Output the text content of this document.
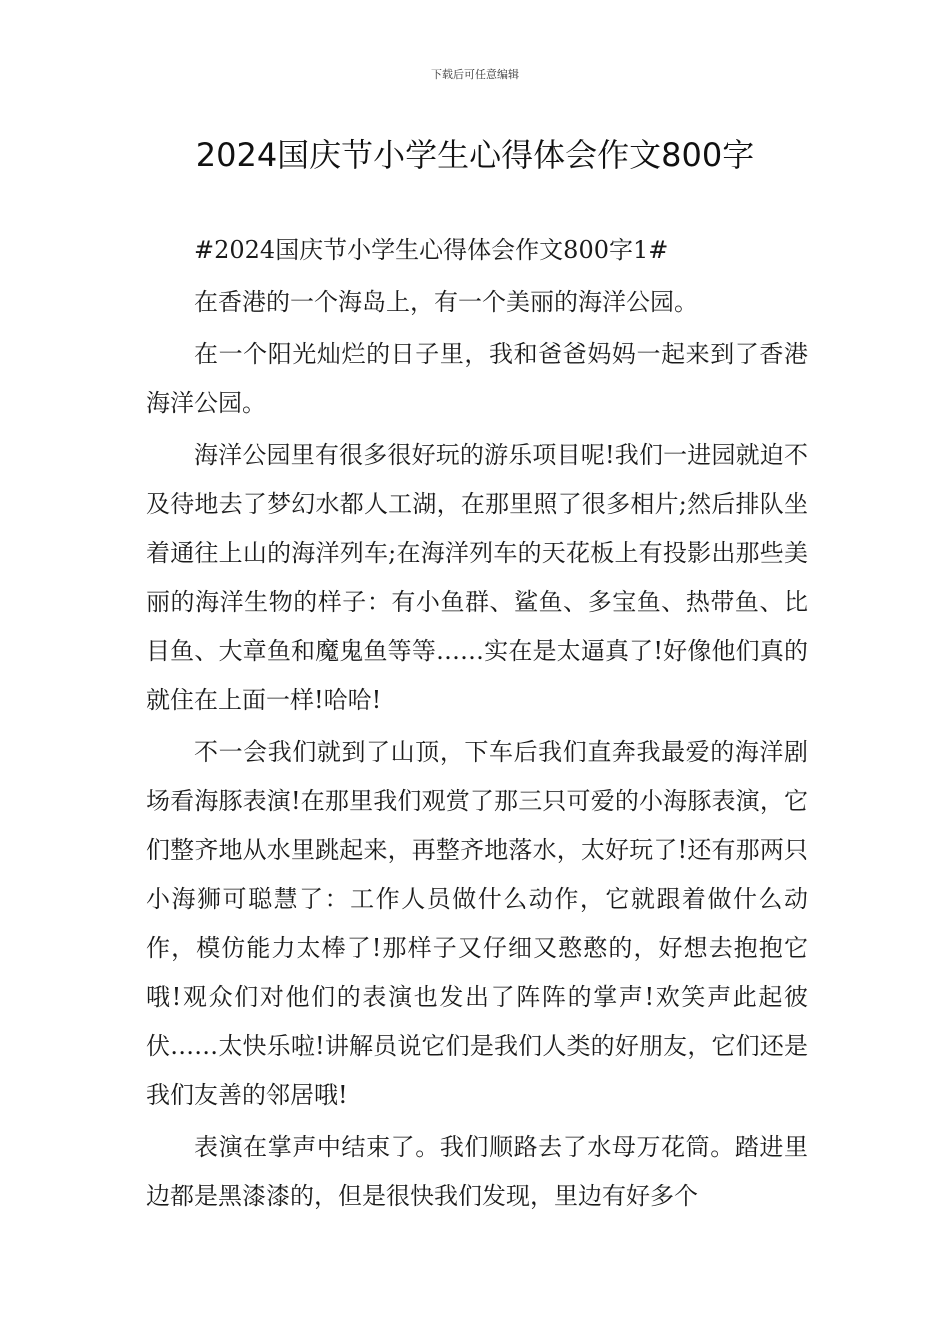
下载后可任意编辑
2024国庆节小学生心得体会作文800字

#2024国庆节小学生心得体会作文800字1#

在香港的一个海岛上，有一个美丽的海洋公园。

在一个阳光灿烂的日子里，我和爸爸妈妈一起来到了香港海洋公园。

海洋公园里有很多很好玩的游乐项目呢!我们一进园就迫不及待地去了梦幻水都人工湖，在那里照了很多相片;然后排队坐着通往上山的海洋列车;在海洋列车的天花板上有投影出那些美丽的海洋生物的样子：有小鱼群、鲨鱼、多宝鱼、热带鱼、比目鱼、大章鱼和魔鬼鱼等等……实在是太逼真了!好像他们真的就住在上面一样!哈哈!

不一会我们就到了山顶，下车后我们直奔我最爱的海洋剧场看海豚表演!在那里我们观赏了那三只可爱的小海豚表演，它们整齐地从水里跳起来，再整齐地落水，太好玩了!还有那两只小海狮可聪慧了：工作人员做什么动作，它就跟着做什么动作，模仿能力太棒了!那样子又仔细又憨憨的，好想去抱抱它哦!观众们对他们的表演也发出了阵阵的掌声!欢笑声此起彼伏……太快乐啦!讲解员说它们是我们人类的好朋友，它们还是我们友善的邻居哦!

表演在掌声中结束了。我们顺路去了水母万花筒。踏进里边都是黑漆漆的，但是很快我们发现，里边有好多个
